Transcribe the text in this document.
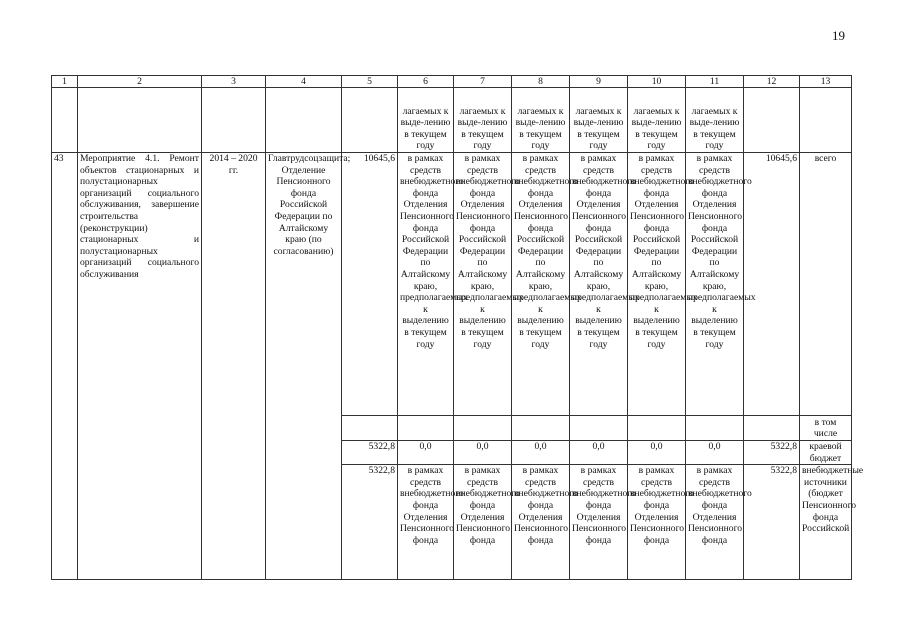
19
1	2	3	4	5	6	7	8	9	10	11	12	13

					лагаемых к выде-лению в текущем году	лагаемых к выде-лению в текущем году	лагаемых к выде-лению в текущем году	лагаемых к выде-лению в текущем году	лагаемых к выде-лению в текущем году	лагаемых к выде-лению в текущем году		

43	Мероприятие 4.1. Ремонт объектов стационарных и полустационарных организаций социального обслуживания, завершение строительства (реконструкции) стационарных и полустационарных организаций социального обслуживания	2014 – 2020 гг.	Главтрудсоцзащита; Отделение Пенсионного фонда Российской Федерации по Алтайскому краю (по согласованию)	10645,6	в рамках средств внебюджетного фонда Отделения Пенсионного фонда Российской Федерации по Алтайскому краю, предполагаемых к выделению в текущем году	в рамках средств внебюджетного фонда Отделения Пенсионного фонда Российской Федерации по Алтайскому краю, предполагаемых к выделению в текущем году	в рамках средств внебюджетного фонда Отделения Пенсионного фонда Российской Федерации по Алтайскому краю, предполагаемых к выделению в текущем году	в рамках средств внебюджетного фонда Отделения Пенсионного фонда Российской Федерации по Алтайскому краю, предполагаемых к выделению в текущем году	в рамках средств внебюджетного фонда Отделения Пенсионного фонда Российской Федерации по Алтайскому краю, предполагаемых к выделению в текущем году	в рамках средств внебюджетного фонда Отделения Пенсионного фонда Российской Федерации по Алтайскому краю, предполагаемых к выделению в текущем году	10645,6	всего
												в том числе
				5322,8	0,0	0,0	0,0	0,0	0,0	0,0	5322,8	краевой бюджет
				5322,8	в рамках средств внебюджетного фонда Отделения Пенсионного фонда	в рамках средств внебюджетного фонда Отделения Пенсионного фонда	в рамках средств внебюджетного фонда Отделения Пенсионного фонда	в рамках средств внебюджетного фонда Отделения Пенсионного фонда	в рамках средств внебюджетного фонда Отделения Пенсионного фонда	в рамках средств внебюджетного фонда Отделения Пенсионного фонда	5322,8	внебюджетные источники (бюджет Пенсионного фонда Российской
